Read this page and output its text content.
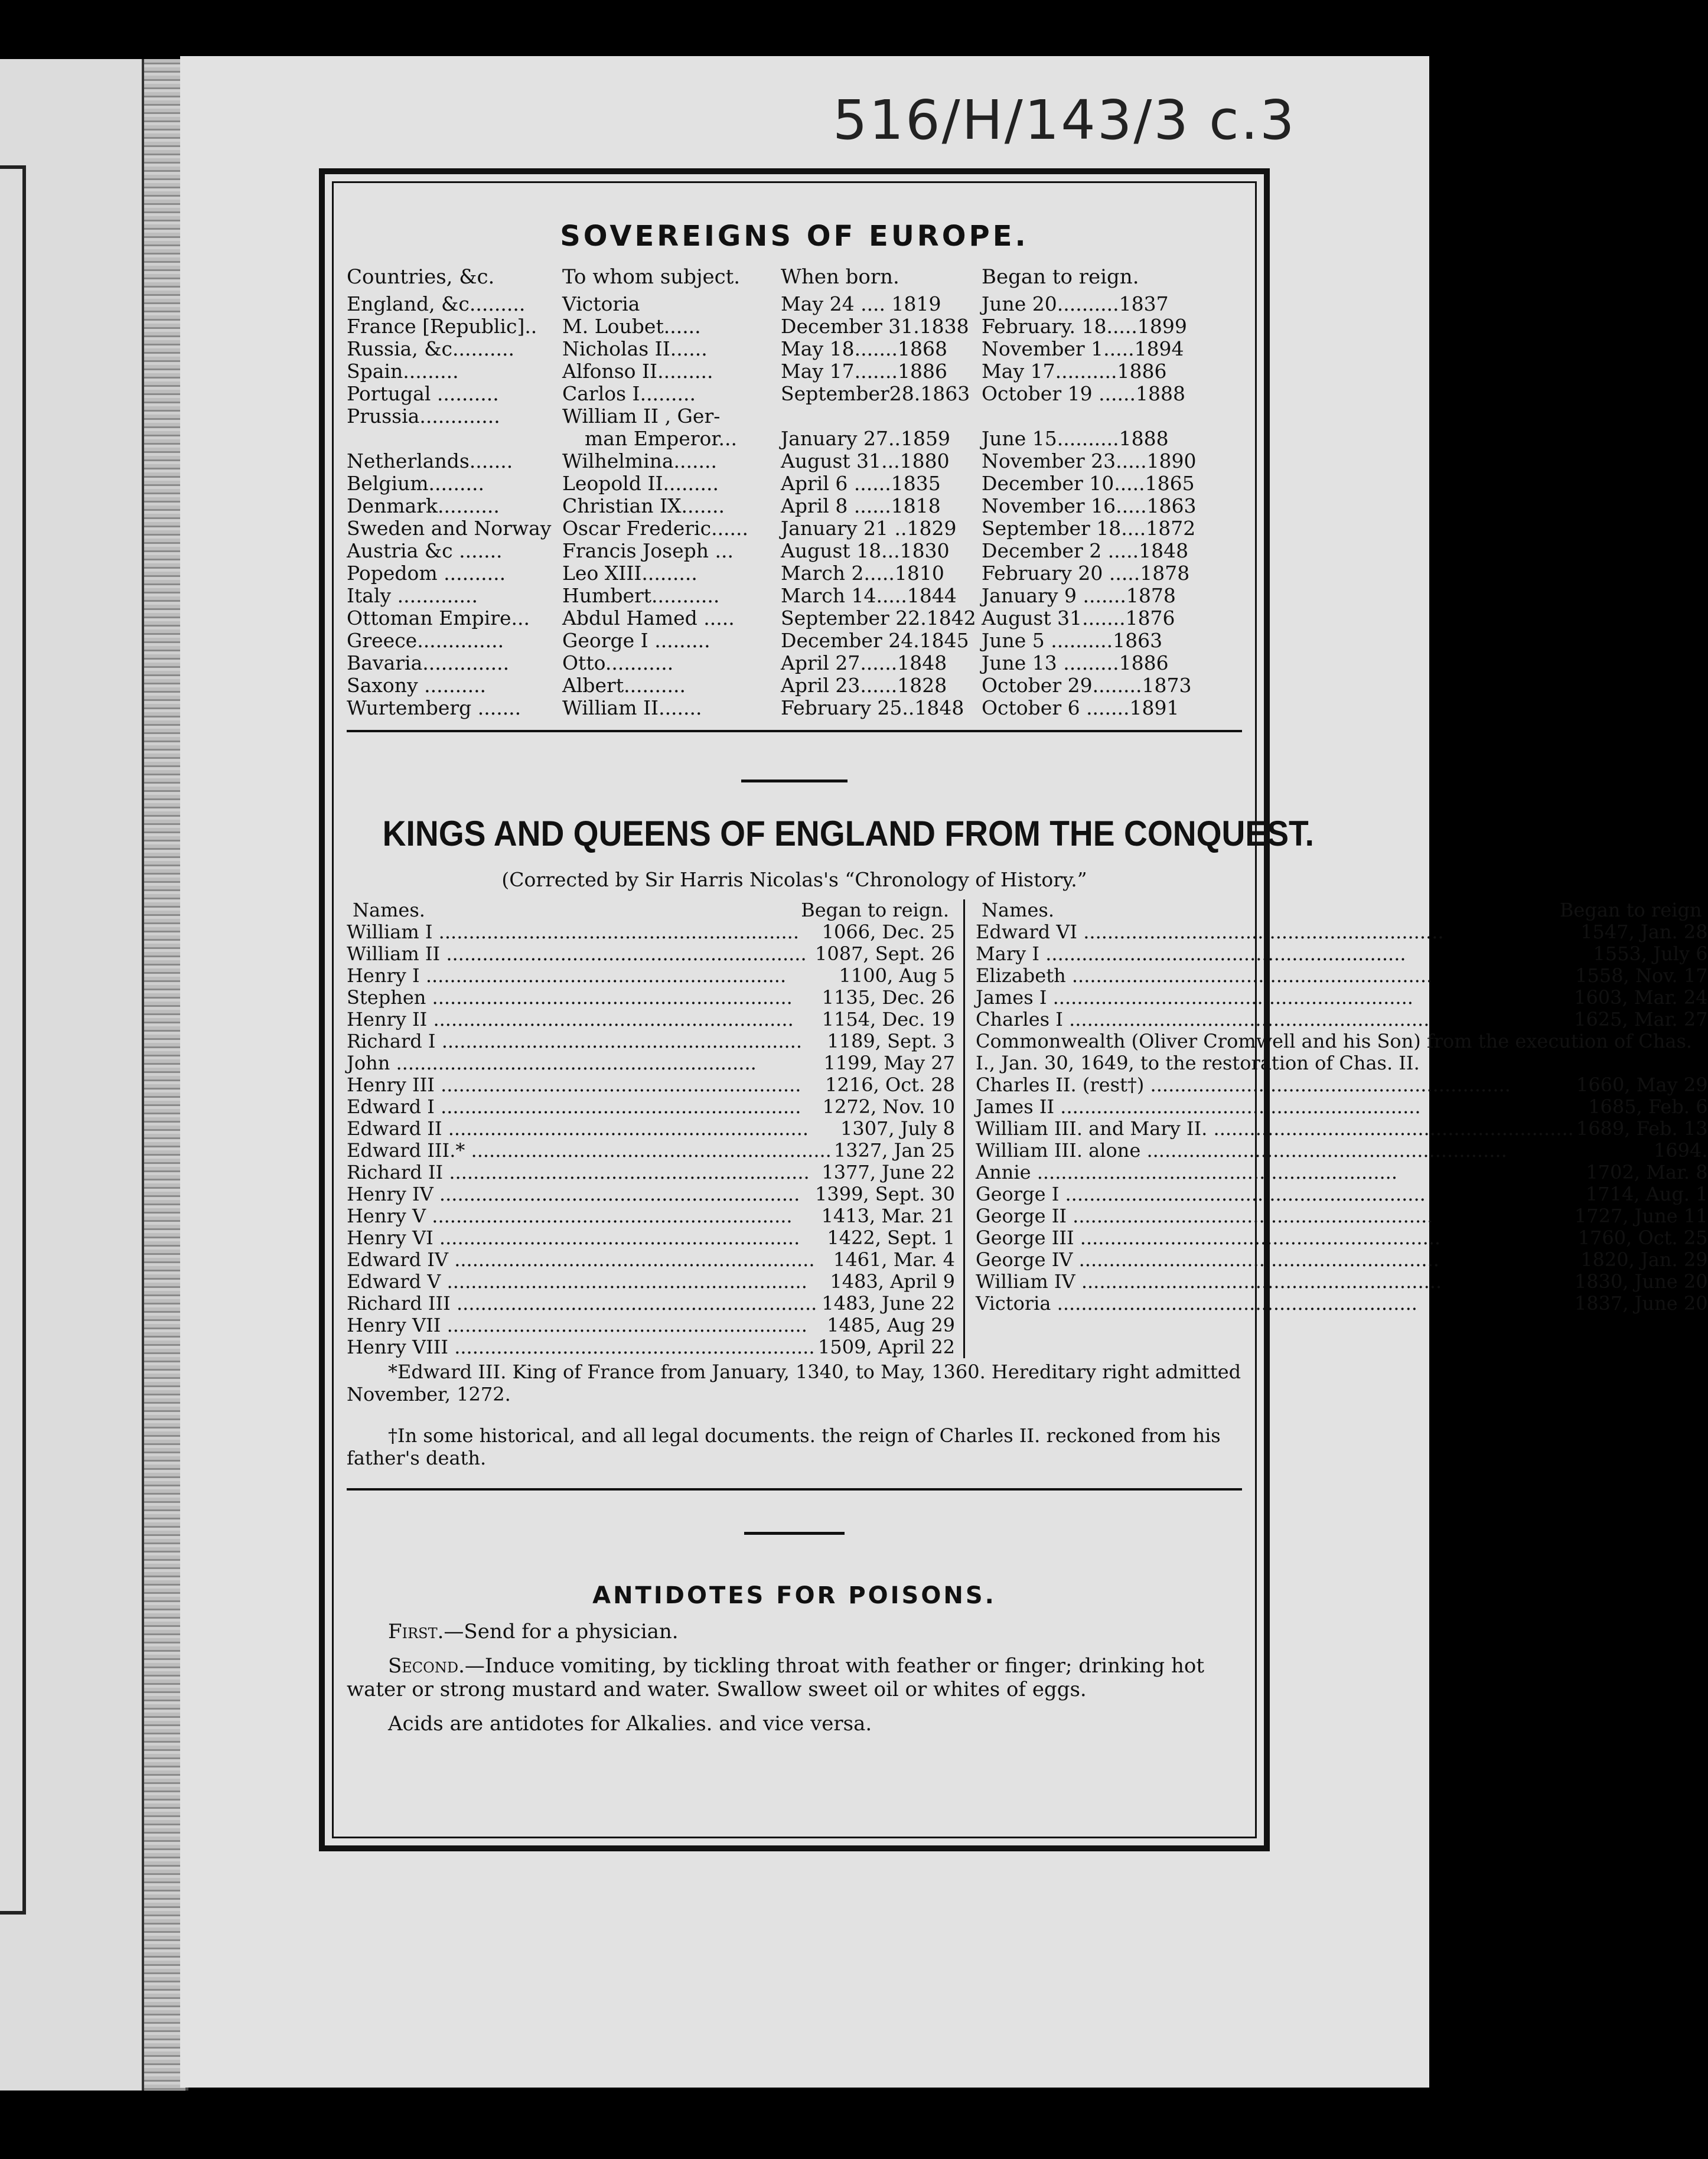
516/H/143/3 c.3
SOVEREIGNS OF EUROPE.
Countries, &c.	To whom subject.	When born.	Began to reign.
England, &c.........	Victoria	May 24 .... 1819	June 20..........1837
France [Republic]..	M. Loubet......	December 31.1838	February. 18.....1899
Russia, &c..........	Nicholas II......	May 18.......1868	November 1.....1894
Spain.........	Alfonso II.........	May 17.......1886	May 17..........1886
Portugal ..........	Carlos I.........	September28.1863	October 19 ......1888
Prussia.............	William II , Ger-		
	man Emperor...	January 27..1859	June 15..........1888
Netherlands.......	Wilhelmina.......	August 31...1880	November 23.....1890
Belgium.........	Leopold II.........	April 6 ......1835	December 10.....1865
Denmark..........	Christian IX.......	April 8 ......1818	November 16.....1863
Sweden and Norway	Oscar Frederic......	January 21 ..1829	September 18....1872
Austria &c .......	Francis Joseph ...	August 18...1830	December 2 .....1848
Popedom ..........	Leo XIII.........	March 2.....1810	February 20 .....1878
Italy .............	Humbert...........	March 14.....1844	January 9 .......1878
Ottoman Empire...	Abdul Hamed .....	September 22.1842	August 31.......1876
Greece..............	George I .........	December 24.1845	June 5 ..........1863
Bavaria..............	Otto...........	April 27......1848	June 13 .........1886
Saxony ..........	Albert..........	April 23......1828	October 29........1873
Wurtemberg .......	William II.......	February 25..1848	October 6 .......1891
KINGS AND QUEENS OF ENGLAND FROM THE CONQUEST.
(Corrected by Sir Harris Nicolas's “Chronology of History.”
Names.	Began to reign.
William I .....	1066, Dec. 25
William II .....	1087, Sept. 26
Henry I .....	1100, Aug 5
Stephen .....	1135, Dec. 26
Henry II .....	1154, Dec. 19
Richard I .....	1189, Sept. 3
John .....	1199, May 27
Henry III .....	1216, Oct. 28
Edward I .....	1272, Nov. 10
Edward II .....	1307, July 8
Edward III.* .....	1327, Jan 25
Richard II .....	1377, June 22
Henry IV .....	1399, Sept. 30
Henry V .....	1413, Mar. 21
Henry VI .....	1422, Sept. 1
Edward IV .....	1461, Mar. 4
Edward V .....	1483, April 9
Richard III .....	1483, June 22
Henry VII .....	1485, Aug 29
Henry VIII .....	1509, April 22
Names.	Began to reign
Edward VI .....	1547, Jan. 28
Mary I .....	1553, July 6
Elizabeth .....	1558, Nov. 17
James I .....	1603, Mar. 24
Charles I .....	1625, Mar. 27
Commonwealth (Oliver Cromwell and his Son) from the execution of Chas. I., Jan. 30, 1649, to the restoration of Chas. II.
Charles II. (rest†) .....	1660, May 29
James II .....	1685, Feb. 6
William III. and Mary II. .....	1689, Feb. 13
William III. alone .....	1694.
Annie .....	1702, Mar. 8
George I .....	1714, Aug. 1
George II .....	1727, June 11
George III .....	1760, Oct. 25
George IV .....	1820, Jan. 29
William IV .....	1830, June 20
Victoria .....	1837, June 20

*Edward III. King of France from January, 1340, to May, 1360. Hereditary right admitted November, 1272.

†In some historical, and all legal documents. the reign of Charles II. reckoned from his father's death.

ANTIDOTES FOR POISONS.

First.—Send for a physician.

Second.—Induce vomiting, by tickling throat with feather or finger; drinking hot water or strong mustard and water. Swallow sweet oil or whites of eggs.

Acids are antidotes for Alkalies. and vice versa.
